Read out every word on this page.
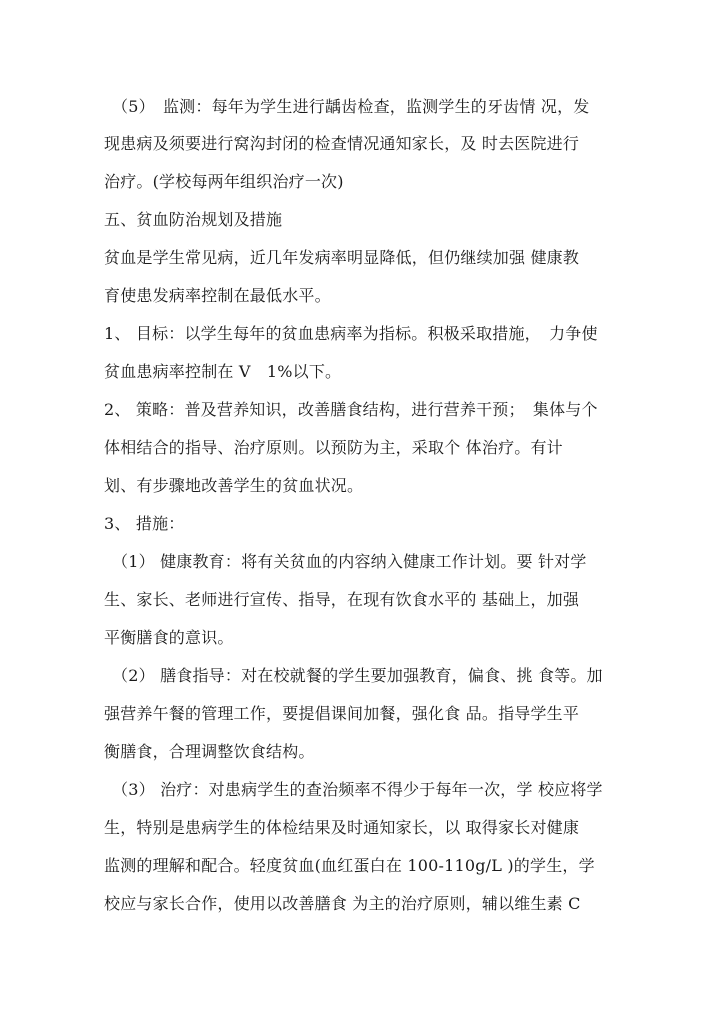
（5）　监测：每年为学生进行龋齿检查，监测学生的牙齿情 况，发
现患病及须要进行窝沟封闭的检查情况通知家长，及 时去医院进行
治疗。(学校每两年组织治疗一次)
五、贫血防治规划及措施
贫血是学生常见病，近几年发病率明显降低，但仍继续加强 健康教
育使患发病率控制在最低水平。
1、 目标：以学生每年的贫血患病率为指标。积极采取措施，　力争使
贫血患病率控制在 V　1%以下。
2、 策略：普及营养知识，改善膳食结构，进行营养干预；　集体与个
体相结合的指导、治疗原则。以预防为主，采取个 体治疗。有计
划、有步骤地改善学生的贫血状况。
3、 措施：
（1） 健康教育：将有关贫血的内容纳入健康工作计划。要 针对学
生、家长、老师进行宣传、指导，在现有饮食水平的 基础上，加强
平衡膳食的意识。
（2） 膳食指导：对在校就餐的学生要加强教育，偏食、挑 食等。加
强营养午餐的管理工作，要提倡课间加餐，强化食 品。指导学生平
衡膳食，合理调整饮食结构。
（3） 治疗：对患病学生的查治频率不得少于每年一次，学 校应将学
生，特别是患病学生的体检结果及时通知家长，以 取得家长对健康
监测的理解和配合。轻度贫血(血红蛋白在 100-110g/L )的学生，学
校应与家长合作，使用以改善膳食 为主的治疗原则，辅以维生素 C
